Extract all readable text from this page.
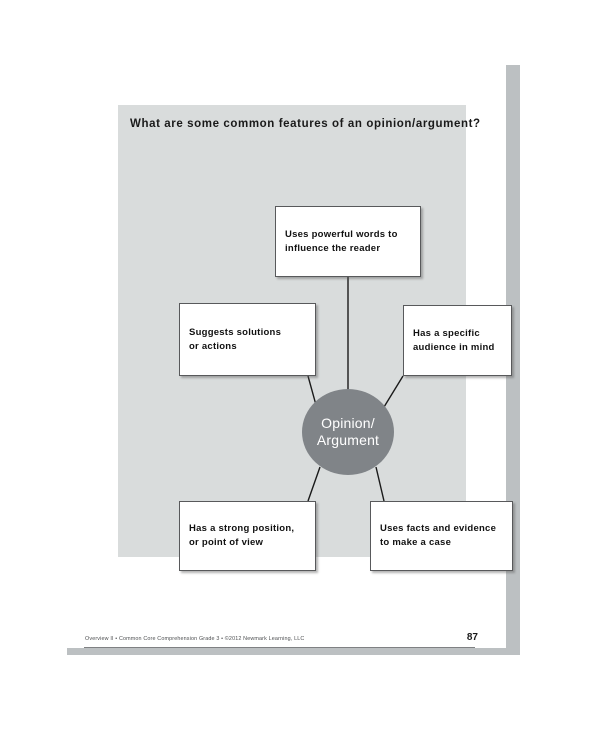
What are some common features of an opinion/argument?
Uses powerful words to
influence the reader
Suggests solutions
or actions
Has a specific
audience in mind
Has a strong position,
or point of view
Uses facts and evidence
to make a case
Opinion/
Argument
Overview II • Common Core Comprehension Grade 3 • ©2012 Newmark Learning, LLC	87
